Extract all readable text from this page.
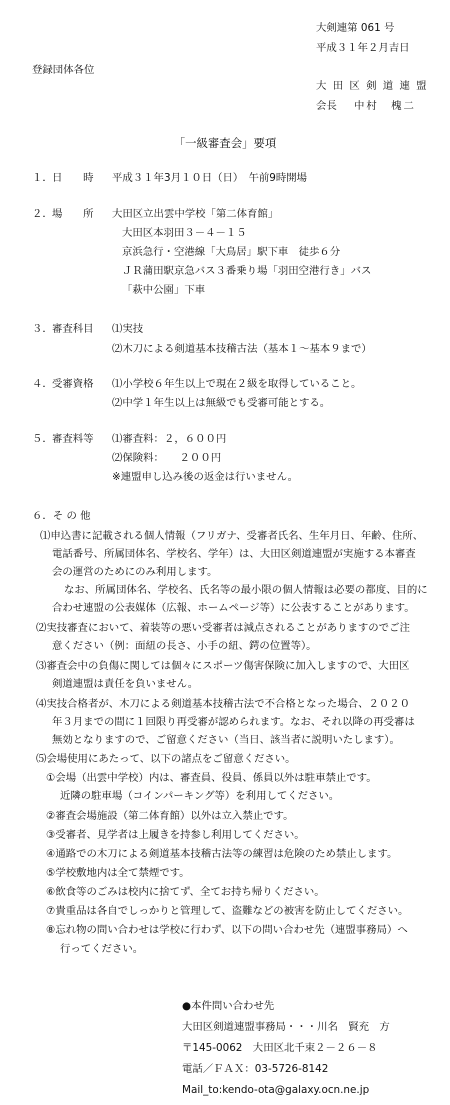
大剣連第 061 号
平成３１年２月吉日
登録団体各位
大 田 区 剣 道 連 盟
会長 中村　槐二
「一級審査会」要項
１． 日　　時 平成３１年3月１０日（日）　午前9時開場
２． 場　　所 大田区立出雲中学校「第二体育館」
大田区本羽田３－４－１５
京浜急行・空港線「大鳥居」駅下車　徒歩６分
ＪＲ蒲田駅京急バス３番乗り場「羽田空港行き」バス
「萩中公園」下車
３． 審査科目 ⑴実技
⑵木刀による剣道基本技稽古法（基本１～基本９まで）
４． 受審資格 ⑴小学校６年生以上で現在２級を取得していること。
⑵中学１年生以上は無級でも受審可能とする。
５． 審査料等 ⑴審査料：２，６００円
⑵保険料：　　２００円
※連盟申し込み後の返金は行いません。
６．そ の 他
⑴申込書に記載される個人情報（フリガナ、受審者氏名、生年月日、年齢、住所、
電話番号、所属団体名、学校名、学年）は、大田区剣道連盟が実施する本審査
会の運営のためにのみ利用します。
なお、所属団体名、学校名、氏名等の最小限の個人情報は必要の都度、目的に
合わせ連盟の公表媒体（広報、ホームページ等）に公表することがあります。
⑵実技審査において、着装等の悪い受審者は減点されることがありますのでご注
意ください（例：面紐の長さ、小手の紐、鍔の位置等）。
⑶審査会中の負傷に関しては個々にスポーツ傷害保険に加入しますので、大田区
剣道連盟は責任を負いません。
⑷実技合格者が、木刀による剣道基本技稽古法で不合格となった場合、２０２０
年３月までの間に１回限り再受審が認められます。なお、それ以降の再受審は
無効となりますので、ご留意ください（当日、該当者に説明いたします）。
⑸会場使用にあたって、以下の諸点をご留意ください。
①会場（出雲中学校）内は、審査員、役員、係員以外は駐車禁止です。
近隣の駐車場（コインパーキング等）を利用してください。
②審査会場施設（第二体育館）以外は立入禁止です。
③受審者、見学者は上履きを持参し利用してください。
④通路での木刀による剣道基本技稽古法等の練習は危険のため禁止します。
⑤学校敷地内は全て禁煙です。
⑥飲食等のごみは校内に捨てず、全てお持ち帰りください。
⑦貴重品は各自でしっかりと管理して、盗難などの被害を防止してください。
⑧忘れ物の問い合わせは学校に行わず、以下の問い合わせ先（連盟事務局）へ
行ってください。
●本件問い合わせ先
大田区剣道連盟事務局・・・川名　賢充　方
〒145-0062　大田区北千束２－２６－８
電話／ＦＡＸ：03-5726-8142
Mail_to:kendo-ota@galaxy.ocn.ne.jp
